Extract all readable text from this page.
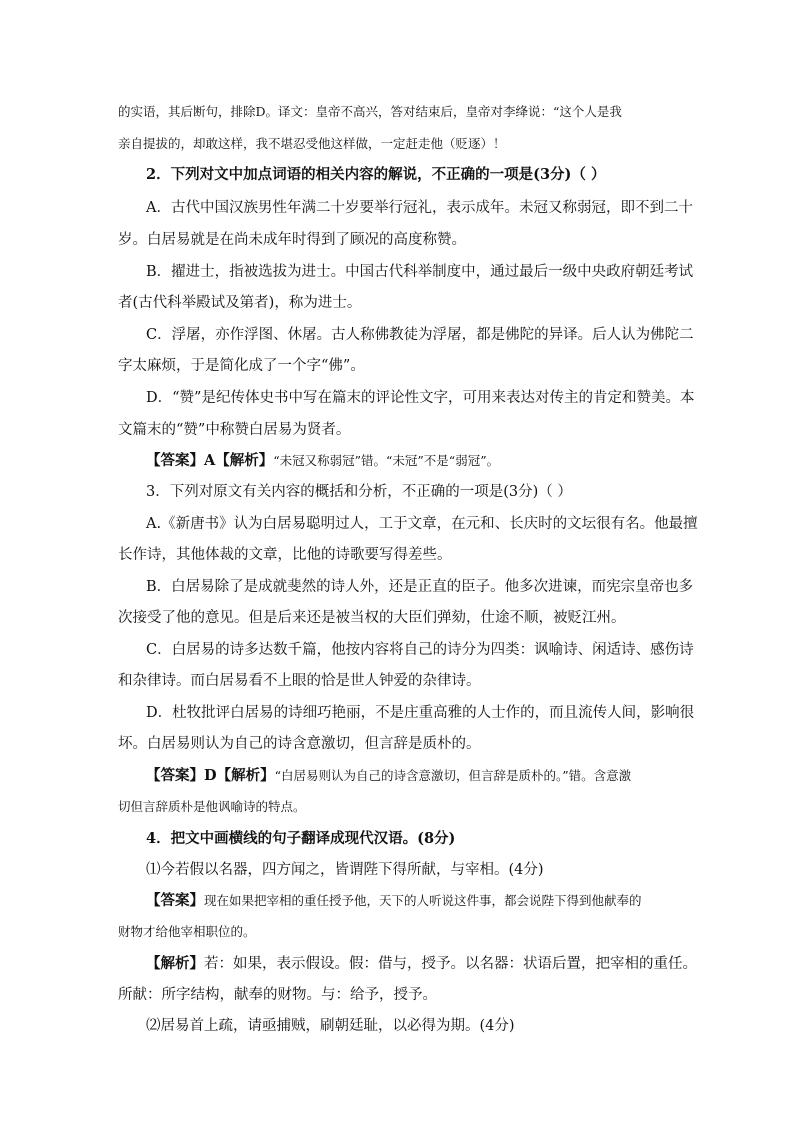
的实语，其后断句，排除D。译文：皇帝不高兴，答对结束后，皇帝对李绛说：“这个人是我
亲自提拔的，却敢这样，我不堪忍受他这样做，一定赶走他（贬逐）！
2．下列对文中加点词语的相关内容的解说，不正确的一项是(3分)（ ）
A．古代中国汉族男性年满二十岁要举行冠礼，表示成年。未冠又称弱冠，即不到二十
岁。白居易就是在尚未成年时得到了顾况的高度称赞。
B．擢进士，指被选拔为进士。中国古代科举制度中，通过最后一级中央政府朝廷考试
者(古代科举殿试及第者)，称为进士。
C．浮屠，亦作浮图、休屠。古人称佛教徒为浮屠，都是佛陀的异译。后人认为佛陀二
字太麻烦，于是简化成了一个字“佛”。
D．“赞”是纪传体史书中写在篇末的评论性文字，可用来表达对传主的肯定和赞美。本
文篇末的“赞”中称赞白居易为贤者。
【答案】A【解析】“未冠又称弱冠”错。“未冠”不是“弱冠”。
3．下列对原文有关内容的概括和分析，不正确的一项是(3分)（ ）
A.《新唐书》认为白居易聪明过人，工于文章，在元和、长庆时的文坛很有名。他最擅
长作诗，其他体裁的文章，比他的诗歌要写得差些。
B．白居易除了是成就斐然的诗人外，还是正直的臣子。他多次进谏，而宪宗皇帝也多
次接受了他的意见。但是后来还是被当权的大臣们弹劾，仕途不顺，被贬江州。
C．白居易的诗多达数千篇，他按内容将自己的诗分为四类：讽喻诗、闲适诗、感伤诗
和杂律诗。而白居易看不上眼的恰是世人钟爱的杂律诗。
D．杜牧批评白居易的诗细巧艳丽，不是庄重高雅的人士作的，而且流传人间，影响很
坏。白居易则认为自己的诗含意激切，但言辞是质朴的。
【答案】D【解析】“白居易则认为自己的诗含意激切，但言辞是质朴的。”错。含意激
切但言辞质朴是他讽喻诗的特点。
4．把文中画横线的句子翻译成现代汉语。(8分)
⑴今若假以名器，四方闻之，皆谓陛下得所献，与宰相。(4分)
【答案】现在如果把宰相的重任授予他，天下的人听说这件事，都会说陛下得到他献奉的
财物才给他宰相职位的。
【解析】若：如果，表示假设。假：借与，授予。以名器：状语后置，把宰相的重任。
所献：所字结构，献奉的财物。与：给予，授予。
⑵居易首上疏，请亟捕贼，刷朝廷耻，以必得为期。(4分)
